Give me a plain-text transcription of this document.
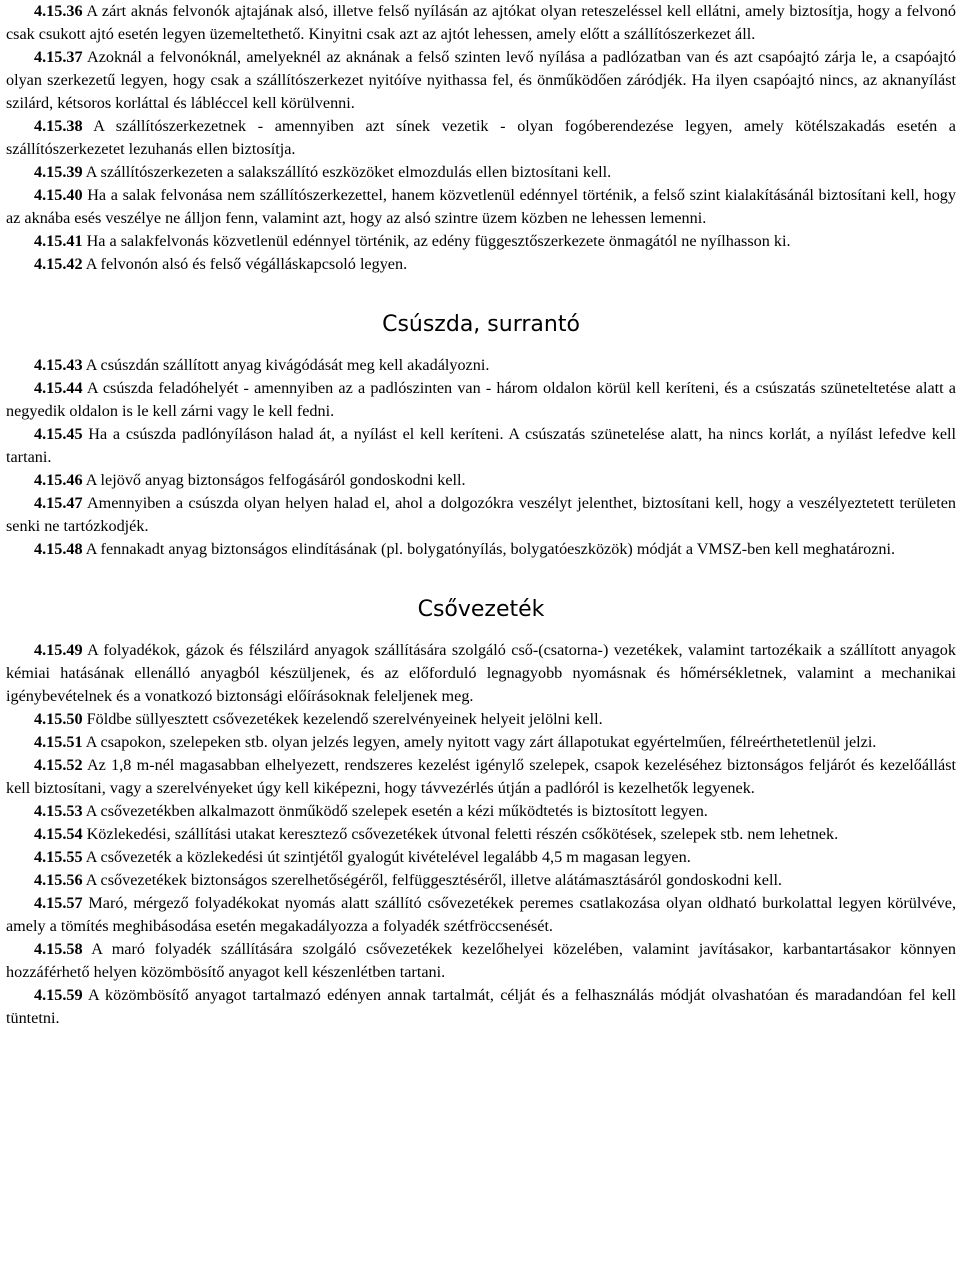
4.15.36 A zárt aknás felvonók ajtajának alsó, illetve felső nyílásán az ajtókat olyan reteszeléssel kell ellátni, amely biztosítja, hogy a felvonó csak csukott ajtó esetén legyen üzemeltethető. Kinyitni csak azt az ajtót lehessen, amely előtt a szállítószerkezet áll.

4.15.37 Azoknál a felvonóknál, amelyeknél az aknának a felső szinten levő nyílása a padlózatban van és azt csapóajtó zárja le, a csapóajtó olyan szerkezetű legyen, hogy csak a szállítószerkezet nyitóíve nyithassa fel, és önműködően záródjék. Ha ilyen csapóajtó nincs, az aknanyílást szilárd, kétsoros korláttal és lábléccel kell körülvenni.

4.15.38 A szállítószerkezetnek - amennyiben azt sínek vezetik - olyan fogóberendezése legyen, amely kötélszakadás esetén a szállítószerkezetet lezuhanás ellen biztosítja.

4.15.39 A szállítószerkezeten a salakszállító eszközöket elmozdulás ellen biztosítani kell.

4.15.40 Ha a salak felvonása nem szállítószerkezettel, hanem közvetlenül edénnyel történik, a felső szint kialakításánál biztosítani kell, hogy az aknába esés veszélye ne álljon fenn, valamint azt, hogy az alsó szintre üzem közben ne lehessen lemenni.

4.15.41 Ha a salakfelvonás közvetlenül edénnyel történik, az edény függesztőszerkezete önmagától ne nyílhasson ki.

4.15.42 A felvonón alsó és felső végálláskapcsoló legyen.

Csúszda, surrantó

4.15.43 A csúszdán szállított anyag kivágódását meg kell akadályozni.

4.15.44 A csúszda feladóhelyét - amennyiben az a padlószinten van - három oldalon körül kell keríteni, és a csúszatás szüneteltetése alatt a negyedik oldalon is le kell zárni vagy le kell fedni.

4.15.45 Ha a csúszda padlónyíláson halad át, a nyílást el kell keríteni. A csúszatás szünetelése alatt, ha nincs korlát, a nyílást lefedve kell tartani.

4.15.46 A lejövő anyag biztonságos felfogásáról gondoskodni kell.

4.15.47 Amennyiben a csúszda olyan helyen halad el, ahol a dolgozókra veszélyt jelenthet, biztosítani kell, hogy a veszélyeztetett területen senki ne tartózkodjék.

4.15.48 A fennakadt anyag biztonságos elindításának (pl. bolygatónyílás, bolygatóeszközök) módját a VMSZ-ben kell meghatározni.

Csővezeték

4.15.49 A folyadékok, gázok és félszilárd anyagok szállítására szolgáló cső-(csatorna-) vezetékek, valamint tartozékaik a szállított anyagok kémiai hatásának ellenálló anyagból készüljenek, és az előforduló legnagyobb nyomásnak és hőmérsékletnek, valamint a mechanikai igénybevételnek és a vonatkozó biztonsági előírásoknak feleljenek meg.

4.15.50 Földbe süllyesztett csővezetékek kezelendő szerelvényeinek helyeit jelölni kell.

4.15.51 A csapokon, szelepeken stb. olyan jelzés legyen, amely nyitott vagy zárt állapotukat egyértelműen, félreérthetetlenül jelzi.

4.15.52 Az 1,8 m-nél magasabban elhelyezett, rendszeres kezelést igénylő szelepek, csapok kezeléséhez biztonságos feljárót és kezelőállást kell biztosítani, vagy a szerelvényeket úgy kell kiképezni, hogy távvezérlés útján a padlóról is kezelhetők legyenek.

4.15.53 A csővezetékben alkalmazott önműködő szelepek esetén a kézi működtetés is biztosított legyen.

4.15.54 Közlekedési, szállítási utakat keresztező csővezetékek útvonal feletti részén csőkötések, szelepek stb. nem lehetnek.

4.15.55 A csővezeték a közlekedési út szintjétől gyalogút kivételével legalább 4,5 m magasan legyen.

4.15.56 A csővezetékek biztonságos szerelhetőségéről, felfüggesztéséről, illetve alátámasztásáról gondoskodni kell.

4.15.57 Maró, mérgező folyadékokat nyomás alatt szállító csővezetékek peremes csatlakozása olyan oldható burkolattal legyen körülvéve, amely a tömítés meghibásodása esetén megakadályozza a folyadék szétfröccsenését.

4.15.58 A maró folyadék szállítására szolgáló csővezetékek kezelőhelyei közelében, valamint javításakor, karbantartásakor könnyen hozzáférhető helyen közömbösítő anyagot kell készenlétben tartani.

4.15.59 A közömbösítő anyagot tartalmazó edényen annak tartalmát, célját és a felhasználás módját olvashatóan és maradandóan fel kell tüntetni.
